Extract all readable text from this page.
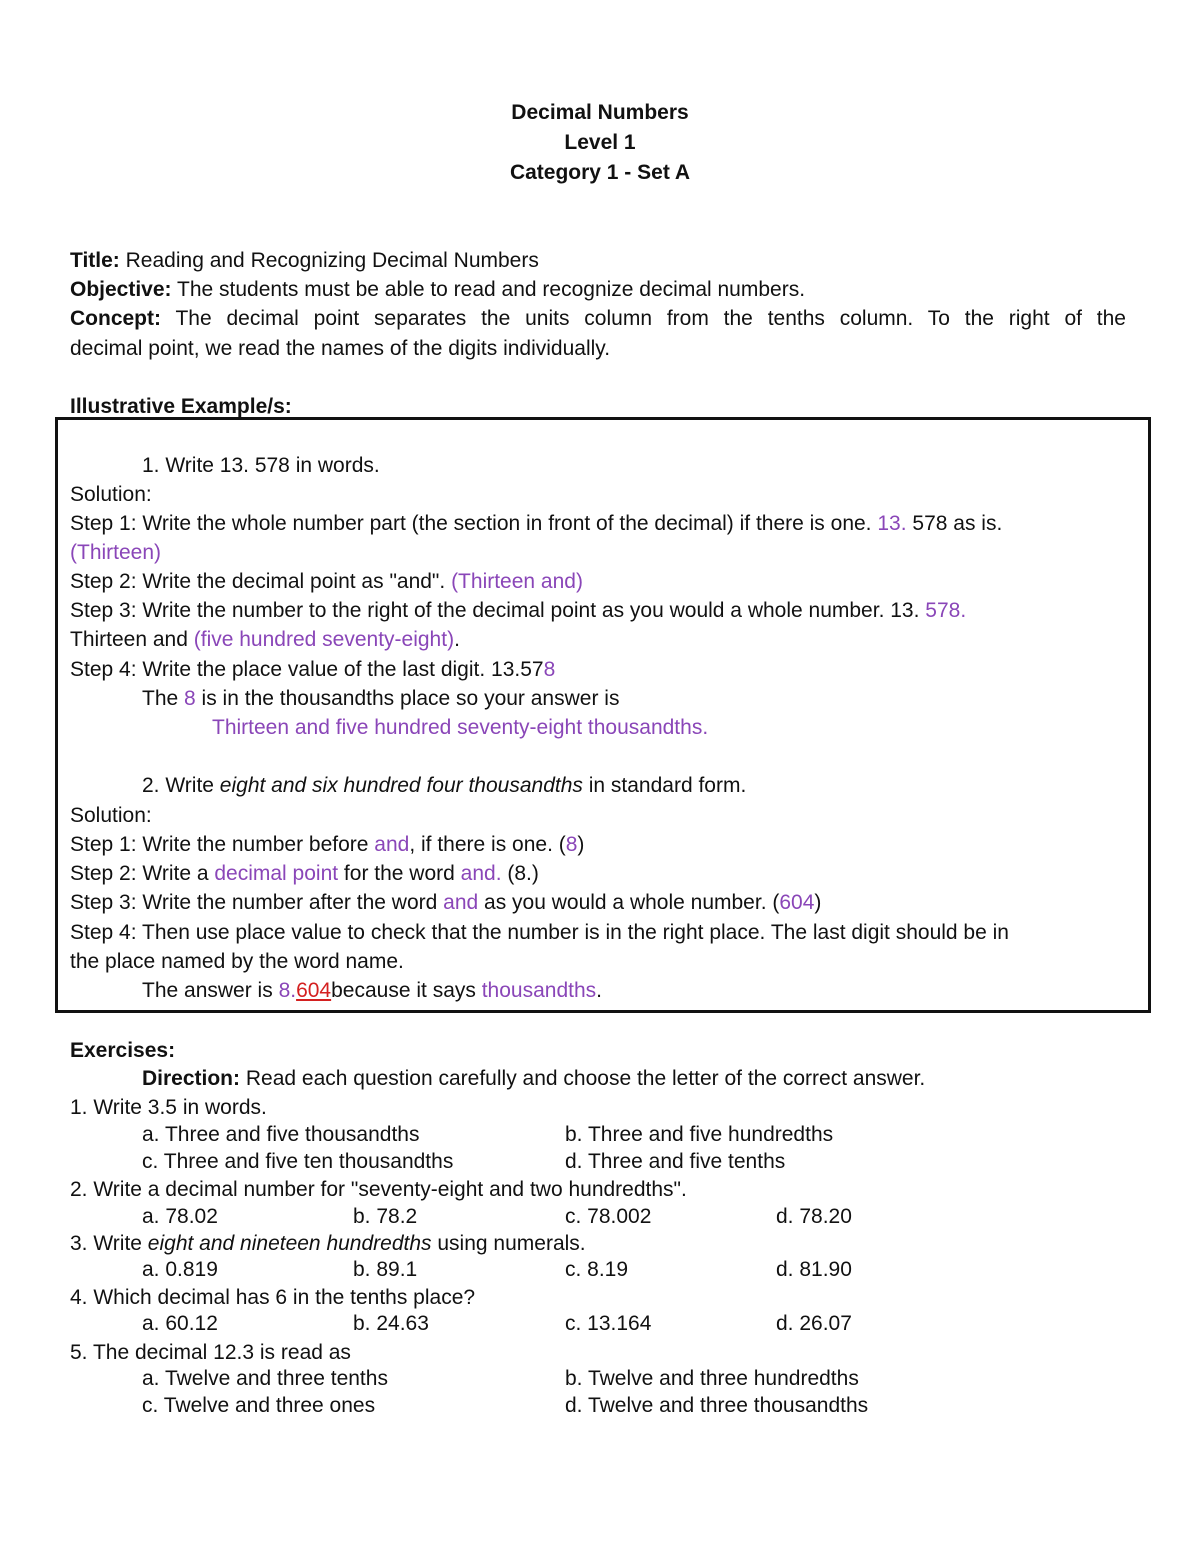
Decimal Numbers
Level 1
Category 1 - Set A
Title: Reading and Recognizing Decimal Numbers
Objective: The students must be able to read and recognize decimal numbers.
Concept: The decimal point separates the units column from the tenths column. To the right of the
decimal point, we read the names of the digits individually.
Illustrative Example/s:
1. Write 13. 578 in words.
Solution:
Step 1: Write the whole number part (the section in front of the decimal) if there is one. 13. 578 as is.
(Thirteen)
Step 2: Write the decimal point as "and". (Thirteen and)
Step 3: Write the number to the right of the decimal point as you would a whole number. 13. 578.
Thirteen and (five hundred seventy-eight).
Step 4: Write the place value of the last digit. 13.578
The 8 is in the thousandths place so your answer is
Thirteen and five hundred seventy-eight thousandths.
2. Write eight and six hundred four thousandths in standard form.
Solution:
Step 1: Write the number before and, if there is one. (8)
Step 2: Write a decimal point for the word and. (8.)
Step 3: Write the number after the word and as you would a whole number. (604)
Step 4: Then use place value to check that the number is in the right place. The last digit should be in
the place named by the word name.
The answer is 8.604because it says thousandths.
Exercises:
Direction: Read each question carefully and choose the letter of the correct answer.
1. Write 3.5 in words.
a. Three and five thousandths	b. Three and five hundredths
c. Three and five ten thousandths	d. Three and five tenths
2. Write a decimal number for "seventy-eight and two hundredths".
a. 78.02	b. 78.2	c. 78.002	d. 78.20
3. Write eight and nineteen hundredths using numerals.
a. 0.819	b. 89.1	c. 8.19	d. 81.90
4. Which decimal has 6 in the tenths place?
a. 60.12	b. 24.63	c. 13.164	d. 26.07
5. The decimal 12.3 is read as
a. Twelve and three tenths	b. Twelve and three hundredths
c. Twelve and three ones	d. Twelve and three thousandths
